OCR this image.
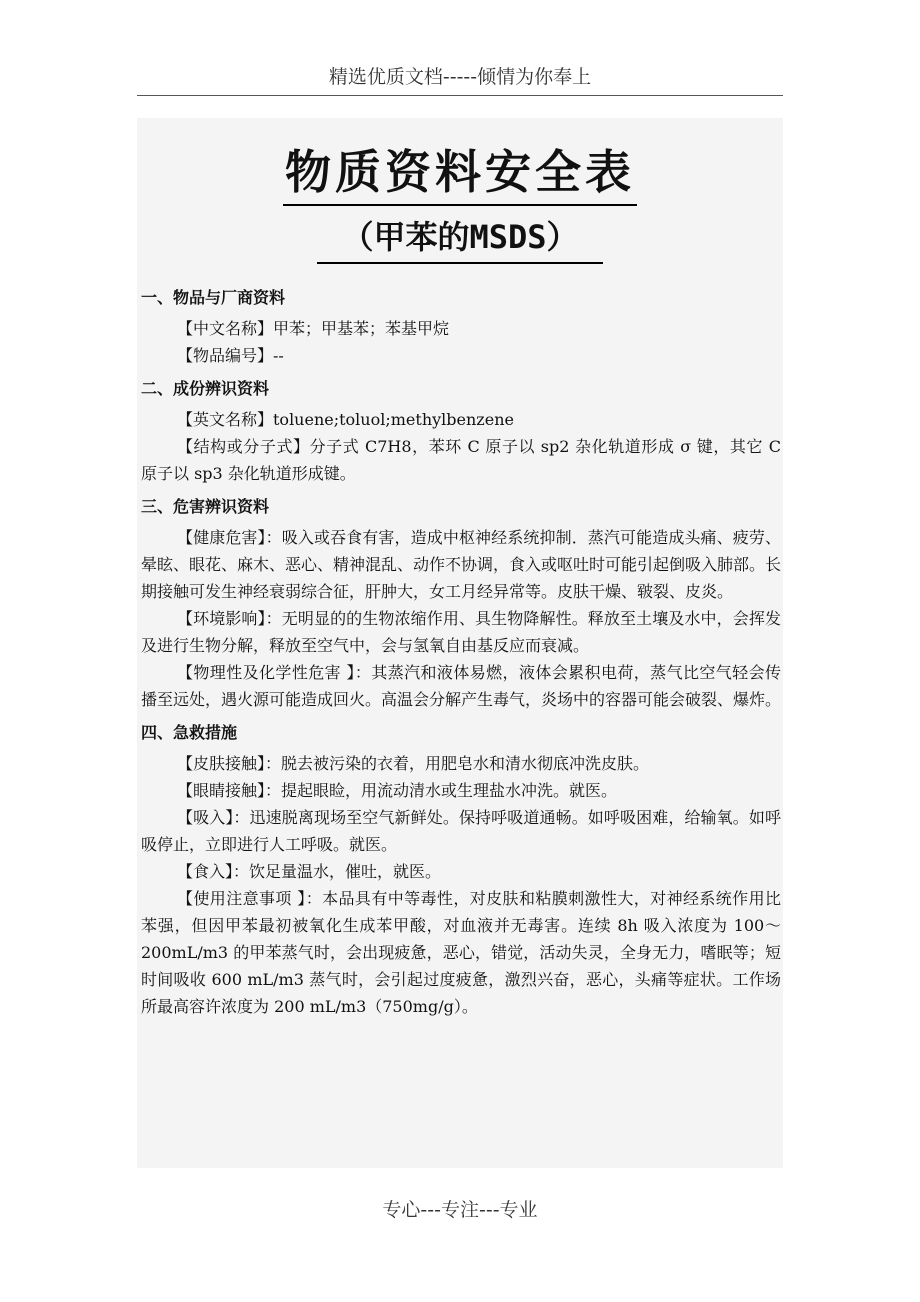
精选优质文档-----倾情为你奉上
物质资料安全表
（甲苯的MSDS）
一、物品与厂商资料

【中文名称】甲苯；甲基苯；苯基甲烷

【物品编号】--

二、成份辨识资料

【英文名称】toluene;toluol;methylbenzene

【结构或分子式】分子式 C7H8，苯环 C 原子以 sp2 杂化轨道形成 σ 键，其它 C 原子以 sp3 杂化轨道形成键。

三、危害辨识资料

【健康危害】：吸入或吞食有害，造成中枢神经系统抑制．蒸汽可能造成头痛、疲劳、晕眩、眼花、麻木、恶心、精神混乱、动作不协调，食入或呕吐时可能引起倒吸入肺部。长期接触可发生神经衰弱综合征，肝肿大，女工月经异常等。皮肤干燥、皲裂、皮炎。

【环境影响】：无明显的的生物浓缩作用、具生物降解性。释放至土壤及水中，会挥发及进行生物分解，释放至空气中，会与氢氧自由基反应而衰减。

【物理性及化学性危害 】：其蒸汽和液体易燃，液体会累积电荷，蒸气比空气轻会传播至远处，遇火源可能造成回火。高温会分解产生毒气，炎场中的容器可能会破裂、爆炸。

四、急救措施

【皮肤接触】：脱去被污染的衣着，用肥皂水和清水彻底冲洗皮肤。

【眼睛接触】：提起眼睑，用流动清水或生理盐水冲洗。就医。

【吸入】：迅速脱离现场至空气新鲜处。保持呼吸道通畅。如呼吸困难，给输氧。如呼吸停止，立即进行人工呼吸。就医。

【食入】：饮足量温水，催吐，就医。

【使用注意事项 】：本品具有中等毒性，对皮肤和粘膜刺激性大，对神经系统作用比苯强，但因甲苯最初被氧化生成苯甲酸，对血液并无毒害。连续 8h 吸入浓度为 100～200mL/m3 的甲苯蒸气时，会出现疲惫，恶心，错觉，活动失灵，全身无力，嗜眠等；短时间吸收 600 mL/m3 蒸气时，会引起过度疲惫，激烈兴奋，恶心，头痛等症状。工作场所最高容许浓度为 200 mL/m3（750mg/g）。

专心---专注---专业
